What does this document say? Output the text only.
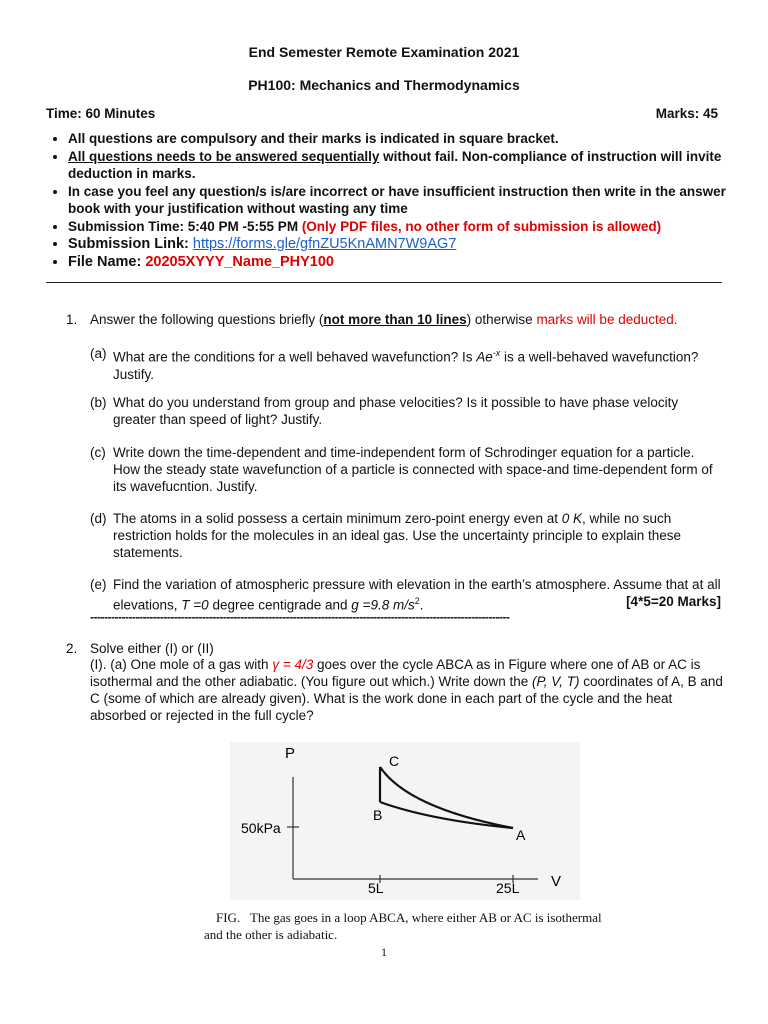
End Semester Remote Examination 2021
PH100: Mechanics and Thermodynamics
Time: 60 Minutes	Marks: 45
• All questions are compulsory and their marks is indicated in square bracket.
• All questions needs to be answered sequentially without fail. Non-compliance of instruction will invite deduction in marks.
• In case you feel any question/s is/are incorrect or have insufficient instruction then write in the answer book with your justification without wasting any time
• Submission Time: 5:40 PM -5:55 PM (Only PDF files, no other form of submission is allowed)
• Submission Link: https://forms.gle/gfnZU5KnAMN7W9AG7
• File Name: 20205XYYY_Name_PHY100
1. Answer the following questions briefly (not more than 10 lines) otherwise marks will be deducted.
(a) What are the conditions for a well behaved wavefunction? Is $Ae^{-x}$ is a well-behaved wavefunction? Justify.
(b) What do you understand from group and phase velocities? Is it possible to have phase velocity greater than speed of light? Justify.
(c) Write down the time-dependent and time-independent form of Schrodinger equation for a particle. How the steady state wavefunction of a particle is connected with space-and time-dependent form of its wavefucntion. Justify.
(d) The atoms in a solid possess a certain minimum zero-point energy even at 0 K, while no such restriction holds for the molecules in an ideal gas. Use the uncertainty principle to explain these statements.
(e) Find the variation of atmospheric pressure with elevation in the earth’s atmosphere. Assume that at all elevations, T =0 degree centigrade and g =9.8 $m/s^2$.	[4*5=20 Marks]
------------------------------------------------------------------------------------------------------------------------
2. Solve either (I) or (II)
(I). (a) One mole of a gas with γ = 4/3 goes over the cycle ABCA as in Figure where one of AB or AC is isothermal and the other adiabatic. (You figure out which.) Write down the (P, V, T) coordinates of A, B and C (some of which are already given). What is the work done in each part of the cycle and the heat absorbed or rejected in the full cycle?
P
V
C
B
A
50kPa
5L	25L
FIG. The gas goes in a loop ABCA, where either AB or AC is isothermal and the other is adiabatic.
1
